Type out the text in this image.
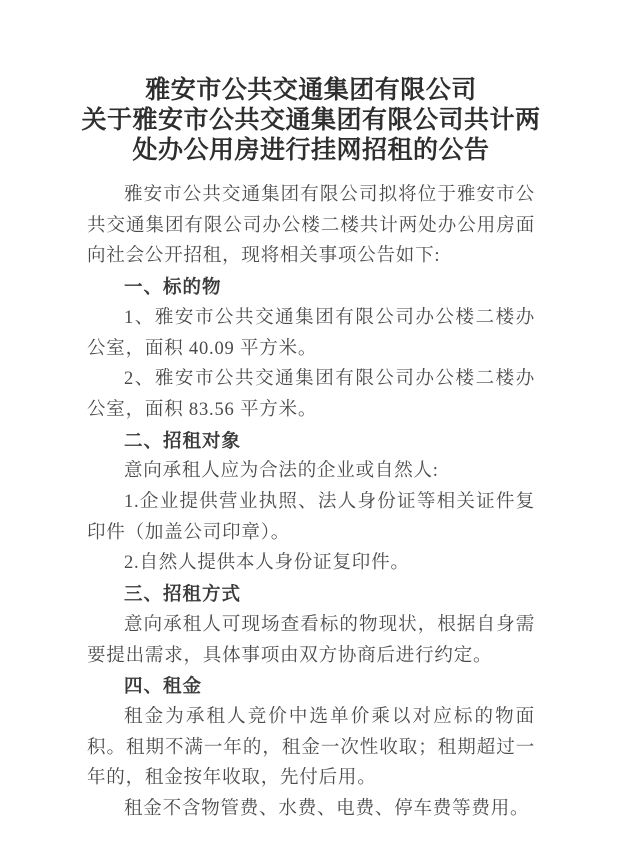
雅安市公共交通集团有限公司
关于雅安市公共交通集团有限公司共计两
处办公用房进行挂网招租的公告

雅安市公共交通集团有限公司拟将位于雅安市公共交通集团有限公司办公楼二楼共计两处办公用房面向社会公开招租，现将相关事项公告如下:

一、标的物

1、雅安市公共交通集团有限公司办公楼二楼办公室，面积 40.09 平方米。

2、雅安市公共交通集团有限公司办公楼二楼办公室，面积 83.56 平方米。

二、招租对象

意向承租人应为合法的企业或自然人:

1.企业提供营业执照、法人身份证等相关证件复印件（加盖公司印章）。

2.自然人提供本人身份证复印件。

三、招租方式

意向承租人可现场查看标的物现状，根据自身需要提出需求，具体事项由双方协商后进行约定。

四、租金

租金为承租人竞价中选单价乘以对应标的物面积。租期不满一年的，租金一次性收取；租期超过一年的，租金按年收取，先付后用。

租金不含物管费、水费、电费、停车费等费用。
